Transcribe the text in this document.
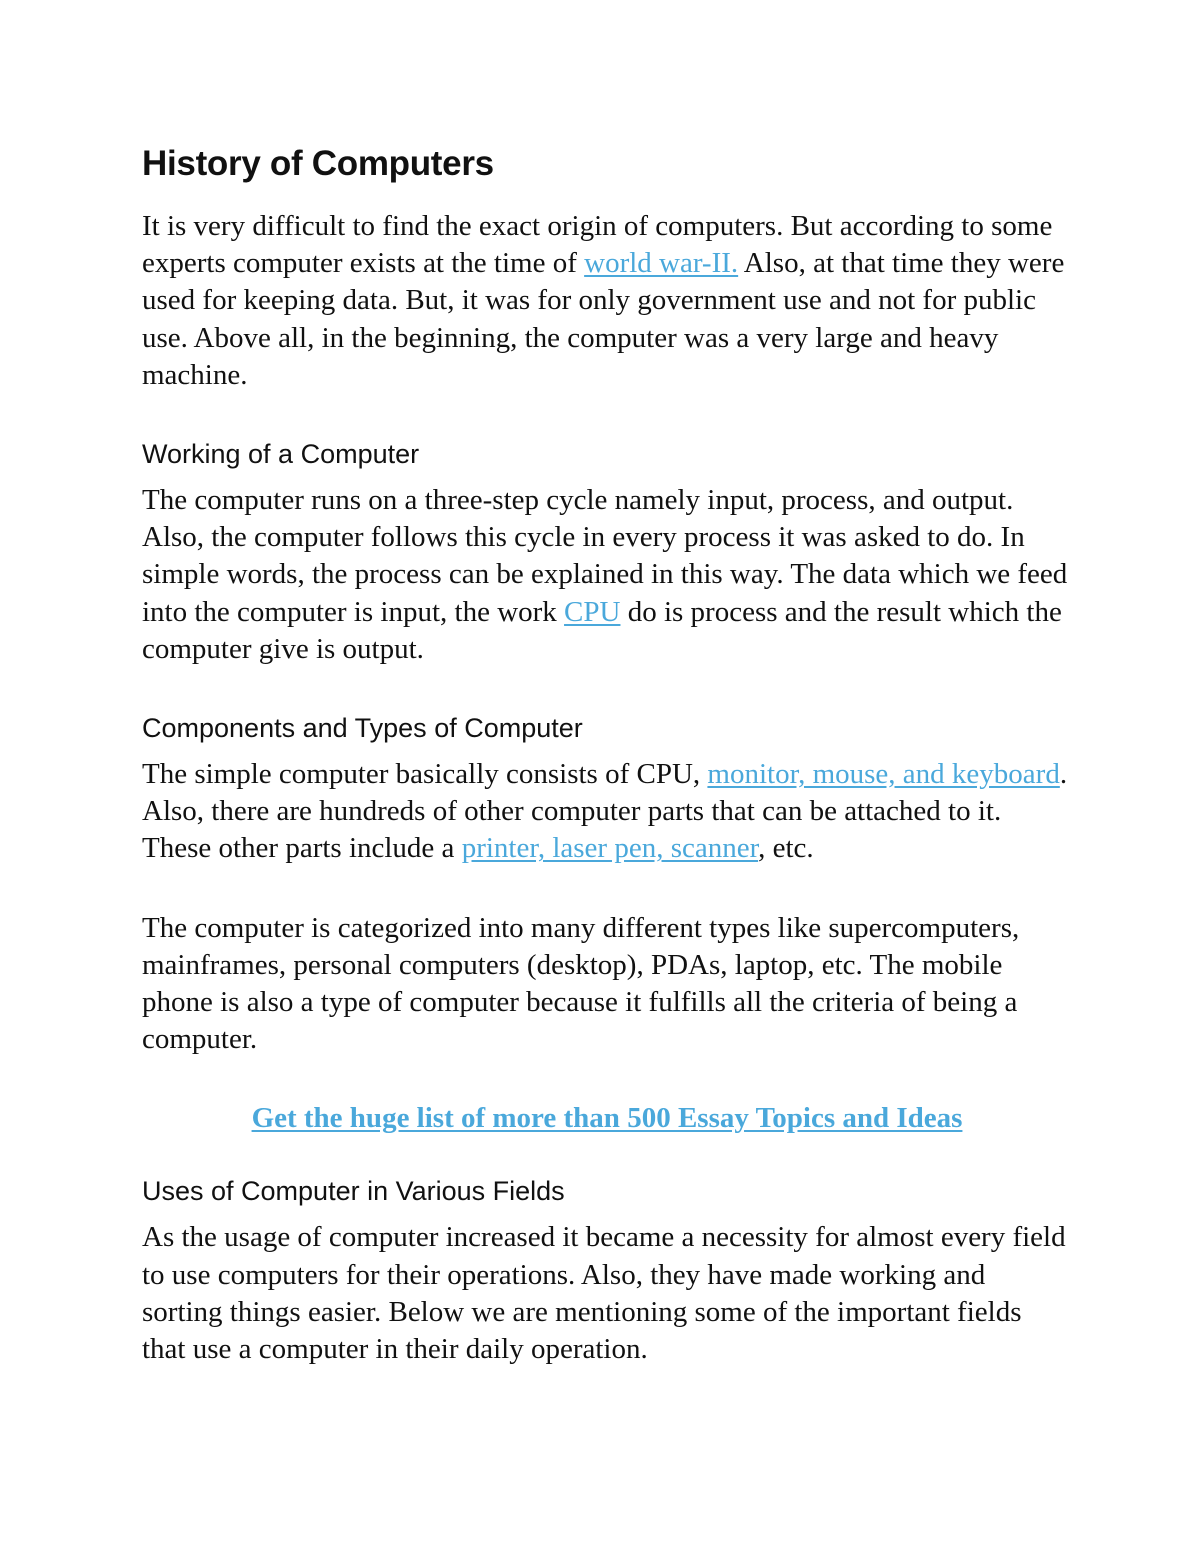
History of Computers

It is very difficult to find the exact origin of computers. But according to some experts computer exists at the time of world war-II. Also, at that time they were used for keeping data. But, it was for only government use and not for public use. Above all, in the beginning, the computer was a very large and heavy machine.

Working of a Computer

The computer runs on a three-step cycle namely input, process, and output. Also, the computer follows this cycle in every process it was asked to do. In simple words, the process can be explained in this way. The data which we feed into the computer is input, the work CPU do is process and the result which the computer give is output.

Components and Types of Computer

The simple computer basically consists of CPU, monitor, mouse, and keyboard. Also, there are hundreds of other computer parts that can be attached to it. These other parts include a printer, laser pen, scanner, etc.

The computer is categorized into many different types like supercomputers, mainframes, personal computers (desktop), PDAs, laptop, etc. The mobile phone is also a type of computer because it fulfills all the criteria of being a computer.

Get the huge list of more than 500 Essay Topics and Ideas
Uses of Computer in Various Fields

As the usage of computer increased it became a necessity for almost every field to use computers for their operations. Also, they have made working and sorting things easier. Below we are mentioning some of the important fields that use a computer in their daily operation.
